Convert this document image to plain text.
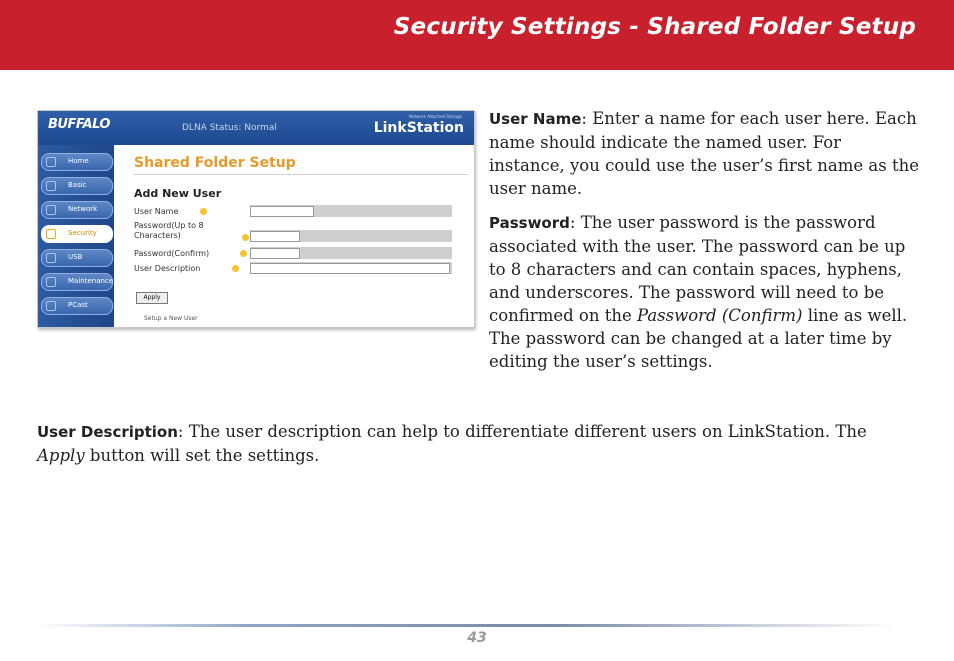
Security Settings - Shared Folder Setup
BUFFALO	DLNA Status: Normal
Network Attached Storage
LinkStation
Home
Basic
Network
Security
USB
Maintenance
PCast
Shared Folder Setup
Add New User
User Name
Password(Up to 8 Characters)
Password(Confirm)
User Description
Apply
Setup a New User

User Name: Enter a name for each user here. Each name should indicate the named user. For instance, you could use the user’s first name as the user name.

Password: The user password is the password associated with the user. The password can be up to 8 characters and can contain spaces, hyphens, and underscores. The password will need to be confirmed on the Password (Confirm) line as well. The password can be changed at a later time by editing the user’s settings.

User Description: The user description can help to differentiate different users on LinkStation. The Apply button will set the settings.
43
